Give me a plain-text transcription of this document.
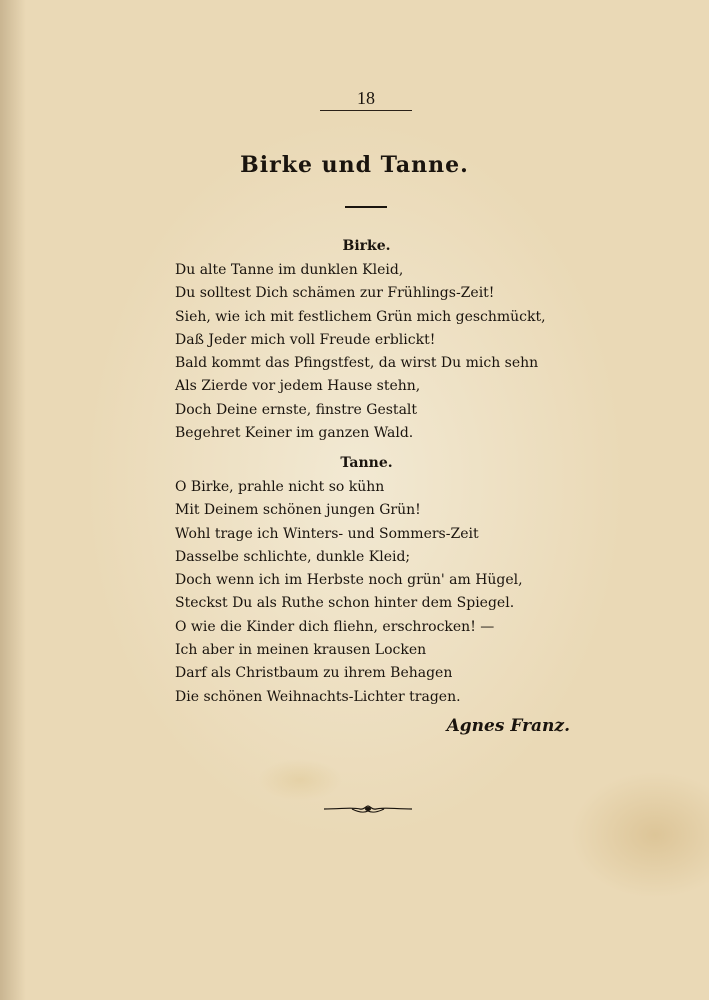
18
Birke und Tanne.
Birke.
Du alte Tanne im dunklen Kleid,
Du solltest Dich schämen zur Frühlings-Zeit!
Sieh, wie ich mit festlichem Grün mich geschmückt,
Daß Jeder mich voll Freude erblickt!
Bald kommt das Pfingstfest, da wirst Du mich sehn
Als Zierde vor jedem Hause stehn,
Doch Deine ernste, finstre Gestalt
Begehret Keiner im ganzen Wald.
Tanne.
O Birke, prahle nicht so kühn
Mit Deinem schönen jungen Grün!
Wohl trage ich Winters- und Sommers-Zeit
Dasselbe schlichte, dunkle Kleid;
Doch wenn ich im Herbste noch grün' am Hügel,
Steckst Du als Ruthe schon hinter dem Spiegel.
O wie die Kinder dich fliehn, erschrocken! —
Ich aber in meinen krausen Locken
Darf als Christbaum zu ihrem Behagen
Die schönen Weihnachts-Lichter tragen.
Agnes Franz.
